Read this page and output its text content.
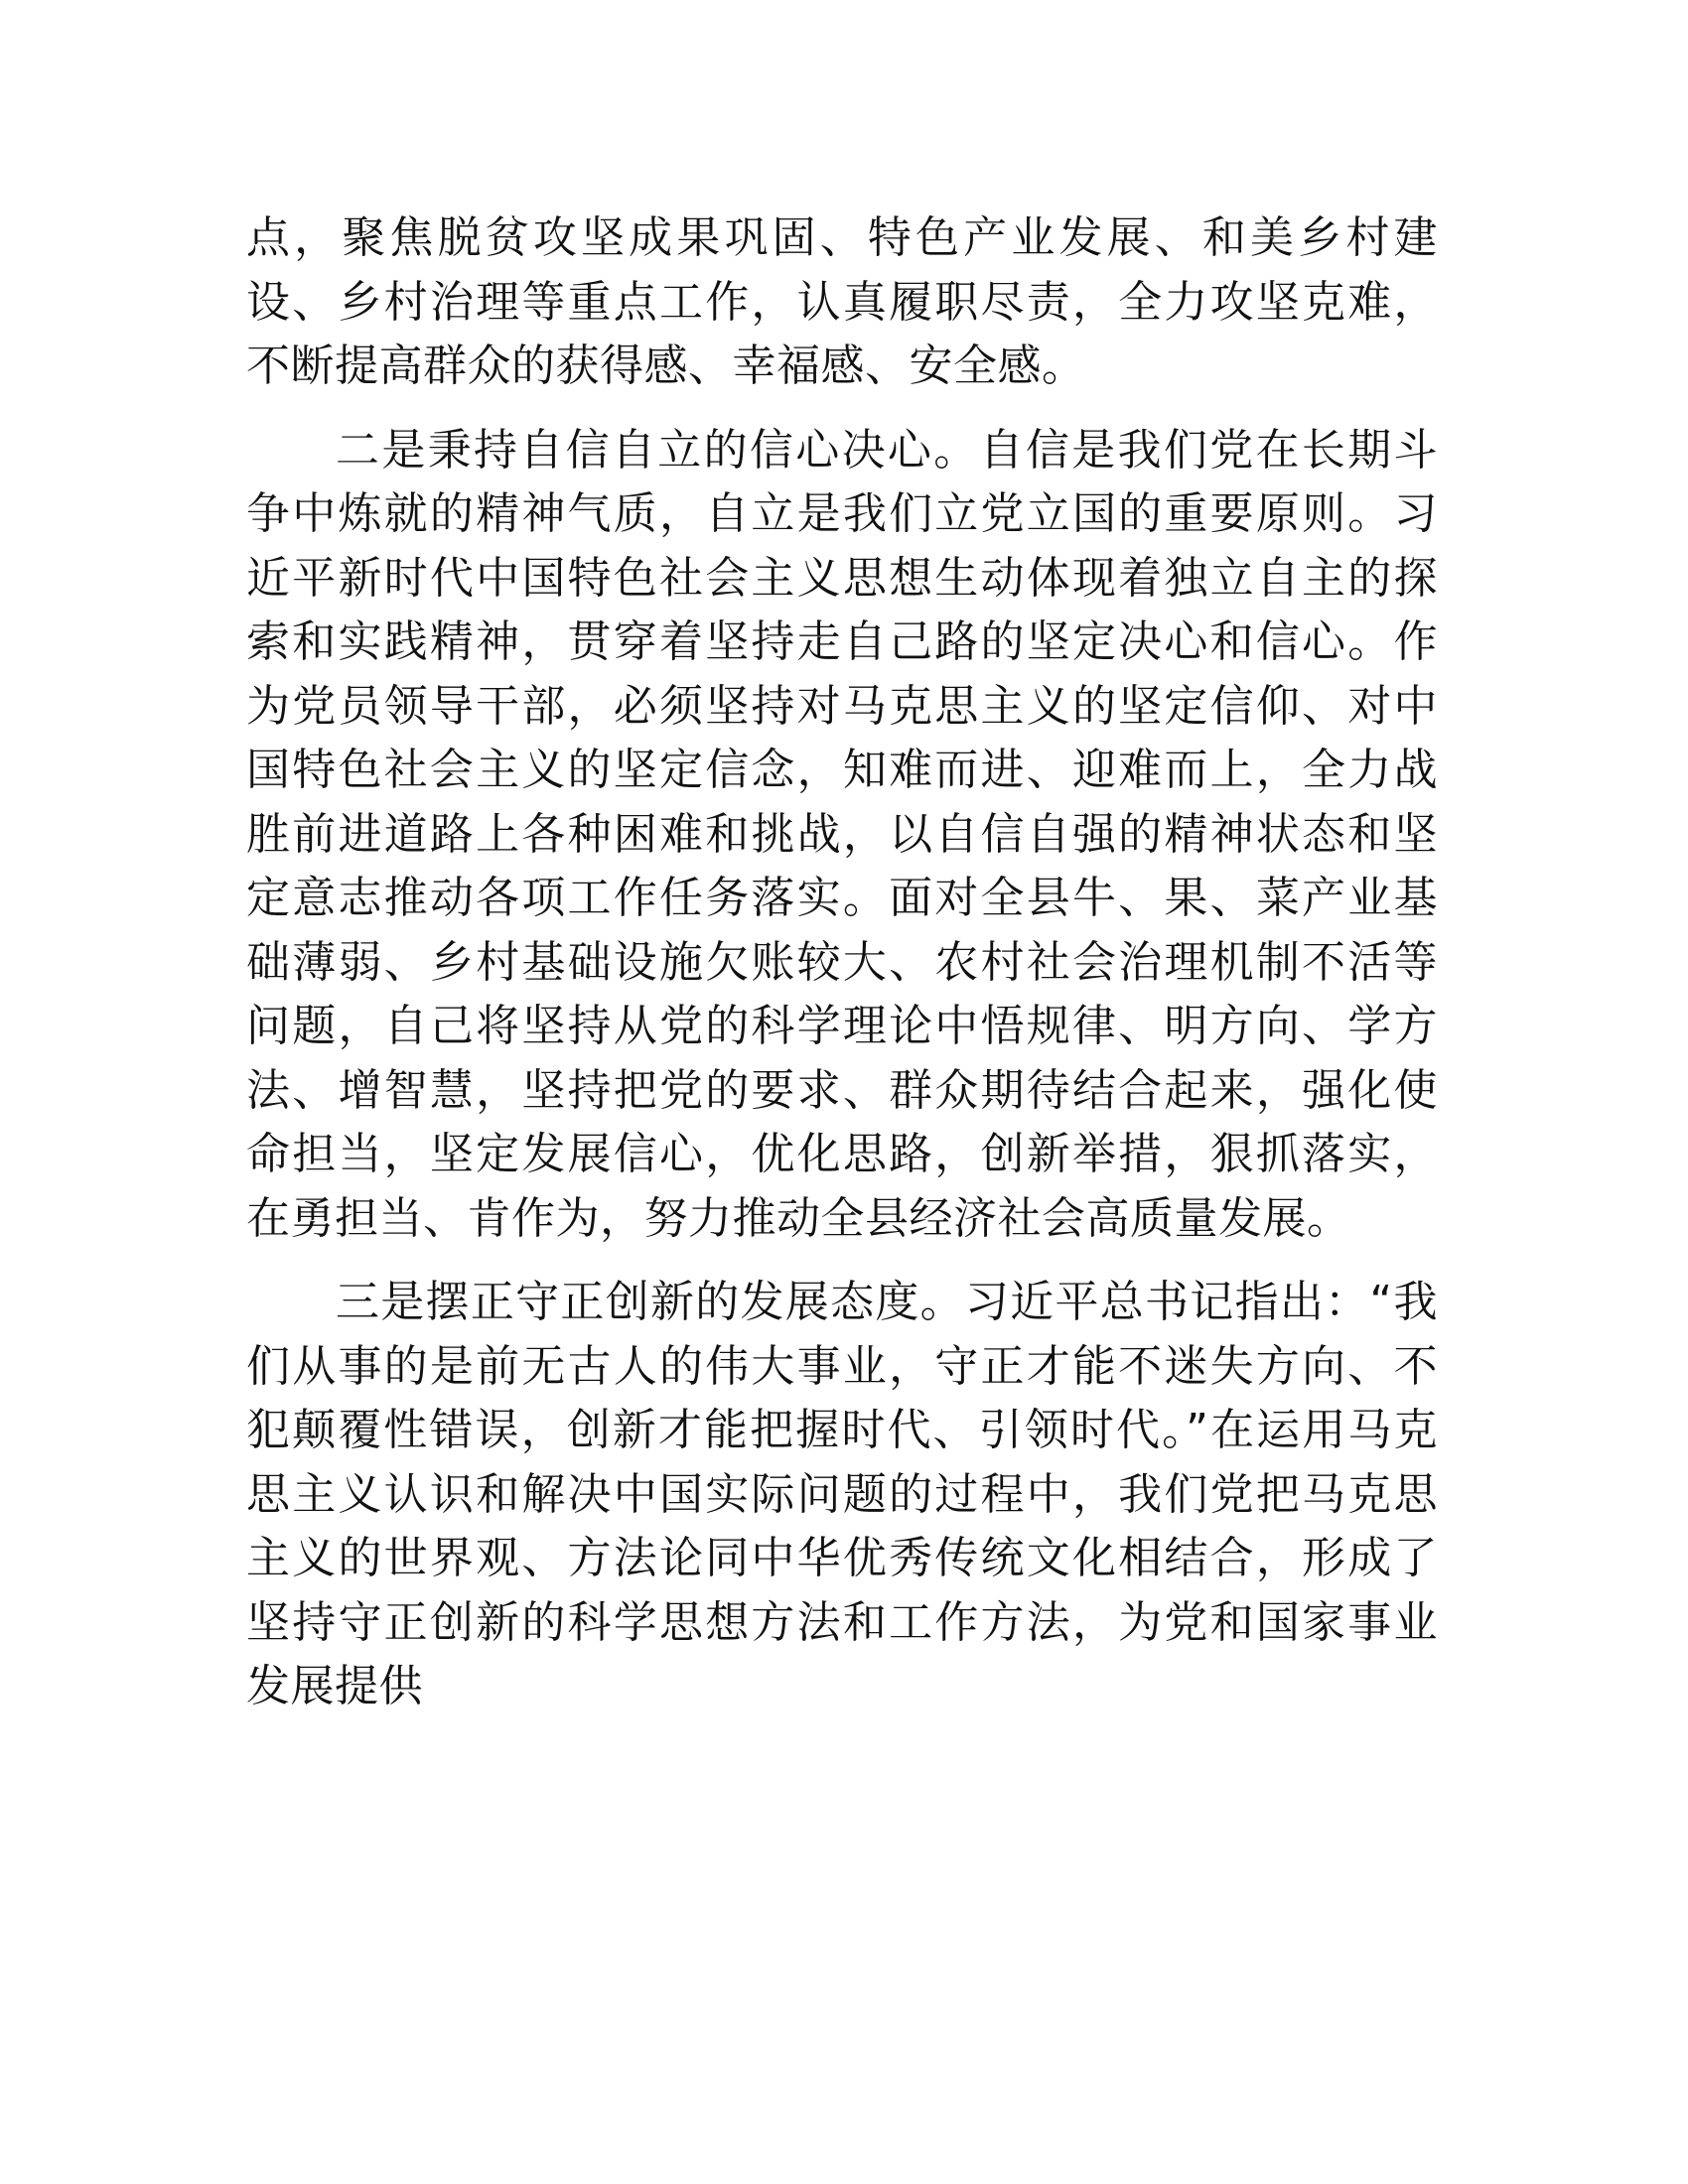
点，聚焦脱贫攻坚成果巩固、特色产业发展、和美乡村建设、乡村治理等重点工作，认真履职尽责，全力攻坚克难，不断提高群众的获得感、幸福感、安全感。

二是秉持自信自立的信心决心。自信是我们党在长期斗争中炼就的精神气质，自立是我们立党立国的重要原则。习近平新时代中国特色社会主义思想生动体现着独立自主的探索和实践精神，贯穿着坚持走自己路的坚定决心和信心。作为党员领导干部，必须坚持对马克思主义的坚定信仰、对中国特色社会主义的坚定信念，知难而进、迎难而上，全力战胜前进道路上各种困难和挑战，以自信自强的精神状态和坚定意志推动各项工作任务落实。面对全县牛、果、菜产业基础薄弱、乡村基础设施欠账较大、农村社会治理机制不活等问题，自己将坚持从党的科学理论中悟规律、明方向、学方法、增智慧，坚持把党的要求、群众期待结合起来，强化使命担当，坚定发展信心，优化思路，创新举措，狠抓落实，在勇担当、肯作为，努力推动全县经济社会高质量发展。

三是摆正守正创新的发展态度。习近平总书记指出：“我们从事的是前无古人的伟大事业，守正才能不迷失方向、不犯颠覆性错误，创新才能把握时代、引领时代。”在运用马克思主义认识和解决中国实际问题的过程中，我们党把马克思主义的世界观、方法论同中华优秀传统文化相结合，形成了坚持守正创新的科学思想方法和工作方法，为党和国家事业发展提供
